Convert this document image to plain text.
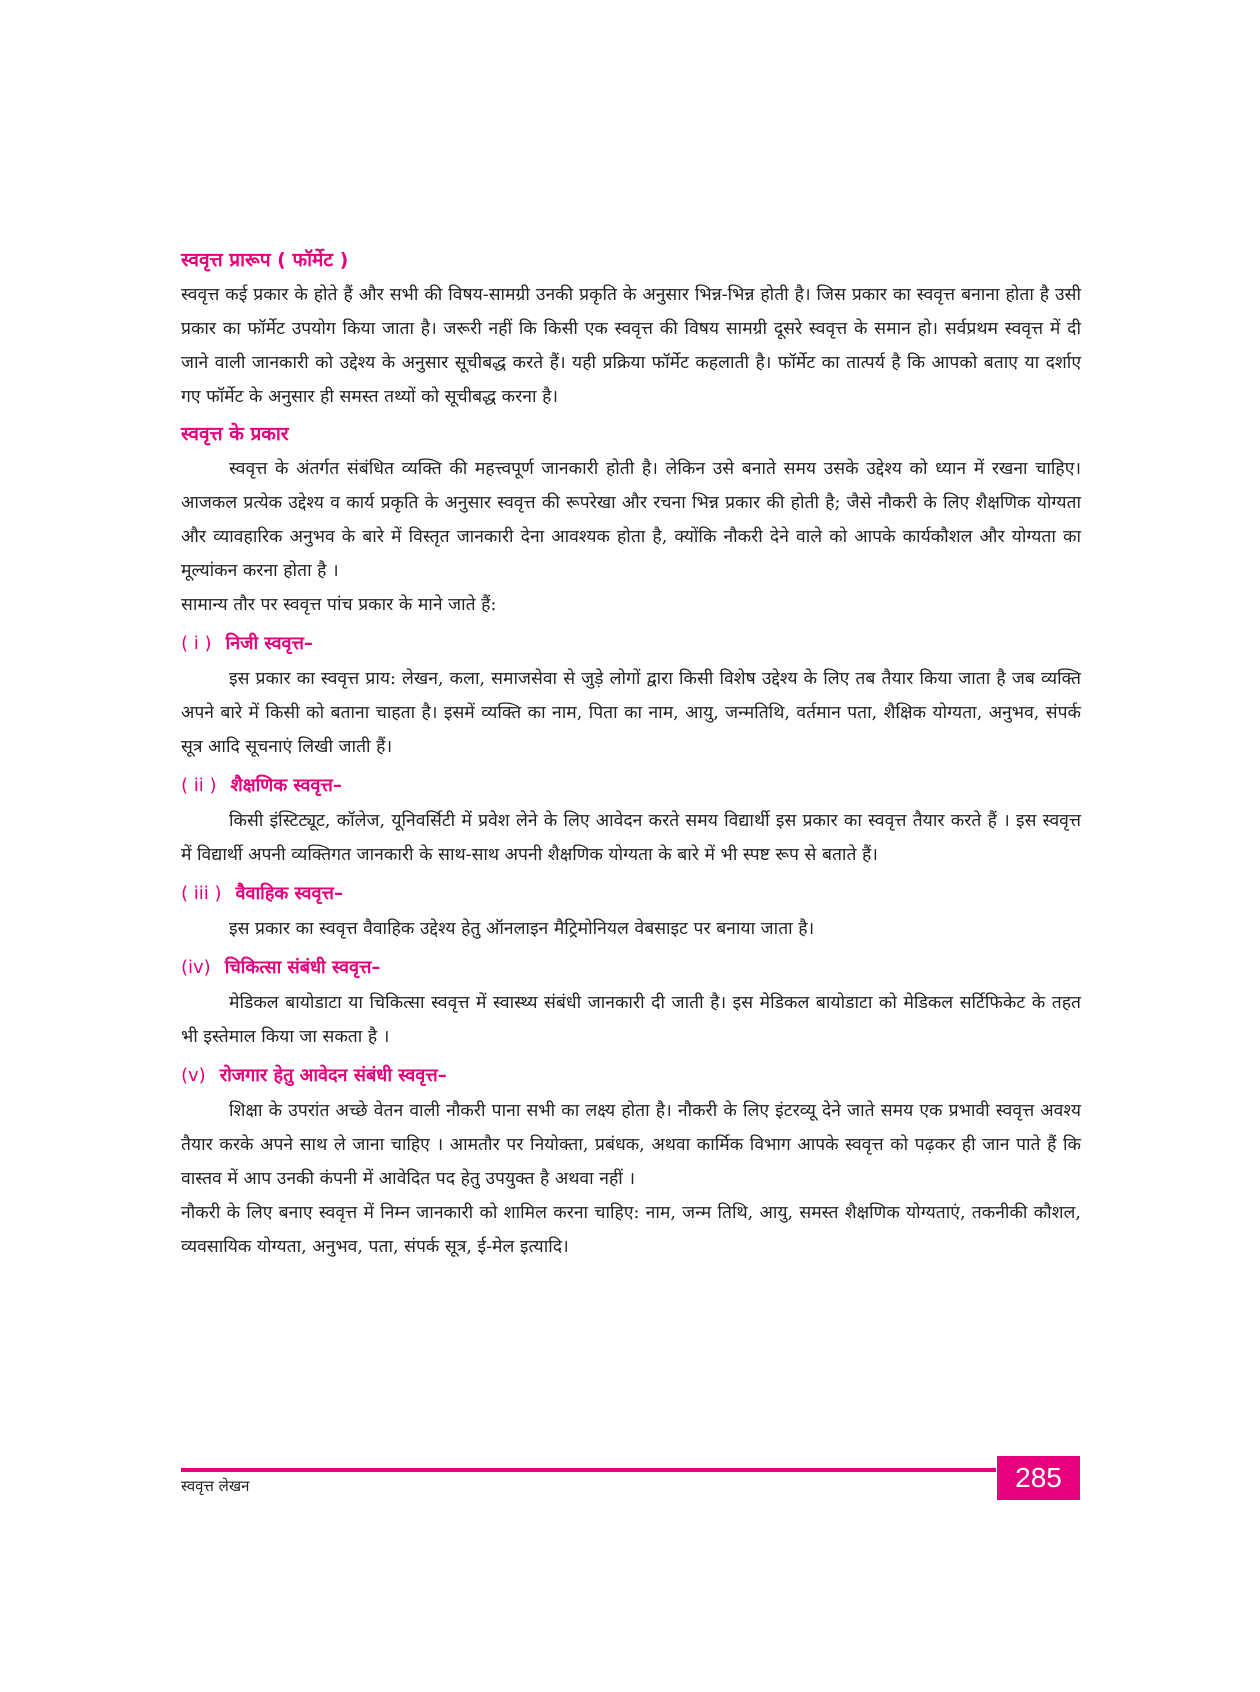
स्ववृत्त प्रारूप ( फॉर्मेट )

स्ववृत्त कई प्रकार के होते हैं और सभी की विषय-सामग्री उनकी प्रकृति के अनुसार भिन्न-भिन्न होती है। जिस प्रकार का स्ववृत्त बनाना होता है उसी प्रकार का फॉर्मेट उपयोग किया जाता है। जरूरी नहीं कि किसी एक स्ववृत्त की विषय सामग्री दूसरे स्ववृत्त के समान हो। सर्वप्रथम स्ववृत्त में दी जाने वाली जानकारी को उद्देश्य के अनुसार सूचीबद्ध करते हैं। यही प्रक्रिया फॉर्मेट कहलाती है। फॉर्मेट का तात्पर्य है कि आपको बताए या दर्शाए गए फॉर्मेट के अनुसार ही समस्त तथ्यों को सूचीबद्ध करना है।

स्ववृत्त के प्रकार

स्ववृत्त के अंतर्गत संबंधित व्यक्ति की महत्त्वपूर्ण जानकारी होती है। लेकिन उसे बनाते समय उसके उद्देश्य को ध्यान में रखना चाहिए। आजकल प्रत्येक उद्देश्य व कार्य प्रकृति के अनुसार स्ववृत्त की रूपरेखा और रचना भिन्न प्रकार की होती है; जैसे नौकरी के लिए शैक्षणिक योग्यता और व्यावहारिक अनुभव के बारे में विस्तृत जानकारी देना आवश्यक होता है, क्योंकि नौकरी देने वाले को आपके कार्यकौशल और योग्यता का मूल्यांकन करना होता है ।

सामान्य तौर पर स्ववृत्त पांच प्रकार के माने जाते हैं:

( i ) निजी स्ववृत्त–

इस प्रकार का स्ववृत्त प्राय: लेखन, कला, समाजसेवा से जुड़े लोगों द्वारा किसी विशेष उद्देश्य के लिए तब तैयार किया जाता है जब व्यक्ति अपने बारे में किसी को बताना चाहता है। इसमें व्यक्ति का नाम, पिता का नाम, आयु, जन्मतिथि, वर्तमान पता, शैक्षिक योग्यता, अनुभव, संपर्क सूत्र आदि सूचनाएं लिखी जाती हैं।

( ii ) शैक्षणिक स्ववृत्त–

किसी इंस्टिट्यूट, कॉलेज, यूनिवर्सिटी में प्रवेश लेने के लिए आवेदन करते समय विद्यार्थी इस प्रकार का स्ववृत्त तैयार करते हैं । इस स्ववृत्त में विद्यार्थी अपनी व्यक्तिगत जानकारी के साथ-साथ अपनी शैक्षणिक योग्यता के बारे में भी स्पष्ट रूप से बताते हैं।

( iii ) वैवाहिक स्ववृत्त–

इस प्रकार का स्ववृत्त वैवाहिक उद्देश्य हेतु ऑनलाइन मैट्रिमोनियल वेबसाइट पर बनाया जाता है।

(iv) चिकित्सा संबंधी स्ववृत्त–

मेडिकल बायोडाटा या चिकित्सा स्ववृत्त में स्वास्थ्य संबंधी जानकारी दी जाती है। इस मेडिकल बायोडाटा को मेडिकल सर्टिफिकेट के तहत भी इस्तेमाल किया जा सकता है ।

(v) रोजगार हेतु आवेदन संबंधी स्ववृत्त–

शिक्षा के उपरांत अच्छे वेतन वाली नौकरी पाना सभी का लक्ष्य होता है। नौकरी के लिए इंटरव्यू देने जाते समय एक प्रभावी स्ववृत्त अवश्य तैयार करके अपने साथ ले जाना चाहिए । आमतौर पर नियोक्ता, प्रबंधक, अथवा कार्मिक विभाग आपके स्ववृत्त को पढ़कर ही जान पाते हैं कि वास्तव में आप उनकी कंपनी में आवेदित पद हेतु उपयुक्त है अथवा नहीं ।

नौकरी के लिए बनाए स्ववृत्त में निम्न जानकारी को शामिल करना चाहिए: नाम, जन्म तिथि, आयु, समस्त शैक्षणिक योग्यताएं, तकनीकी कौशल, व्यवसायिक योग्यता, अनुभव, पता, संपर्क सूत्र, ई-मेल इत्यादि।

स्ववृत्त लेखन	285
